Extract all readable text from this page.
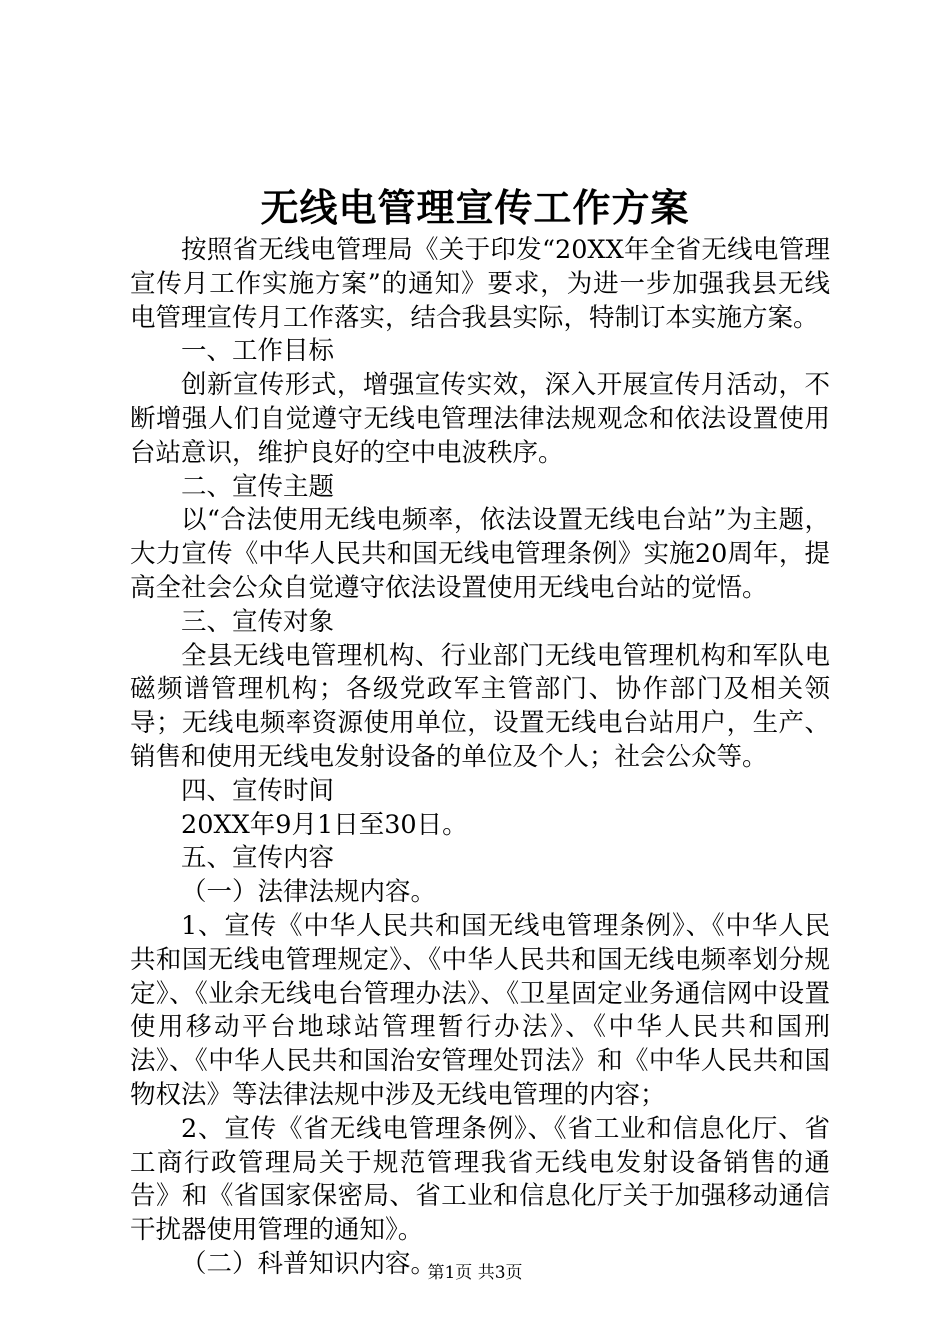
无线电管理宣传工作方案

按照省无线电管理局《关于印发“20XX年全省无线电管理宣传月工作实施方案”的通知》要求，为进一步加强我县无线电管理宣传月工作落实，结合我县实际，特制订本实施方案。

一、工作目标

创新宣传形式，增强宣传实效，深入开展宣传月活动，不断增强人们自觉遵守无线电管理法律法规观念和依法设置使用台站意识，维护良好的空中电波秩序。

二、宣传主题

以“合法使用无线电频率，依法设置无线电台站”为主题，大力宣传《中华人民共和国无线电管理条例》实施20周年，提高全社会公众自觉遵守依法设置使用无线电台站的觉悟。

三、宣传对象

全县无线电管理机构、行业部门无线电管理机构和军队电磁频谱管理机构；各级党政军主管部门、协作部门及相关领导；无线电频率资源使用单位，设置无线电台站用户，生产、销售和使用无线电发射设备的单位及个人；社会公众等。

四、宣传时间

20XX年9月1日至30日。

五、宣传内容

（一）法律法规内容。

1、宣传《中华人民共和国无线电管理条例》、《中华人民共和国无线电管理规定》、《中华人民共和国无线电频率划分规定》、《业余无线电台管理办法》、《卫星固定业务通信网中设置使用移动平台地球站管理暂行办法》、《中华人民共和国刑法》、《中华人民共和国治安管理处罚法》和《中华人民共和国物权法》等法律法规中涉及无线电管理的内容；

2、宣传《省无线电管理条例》、《省工业和信息化厅、省工商行政管理局关于规范管理我省无线电发射设备销售的通告》和《省国家保密局、省工业和信息化厅关于加强移动通信干扰器使用管理的通知》。

（二）科普知识内容。

第1页 共3页
